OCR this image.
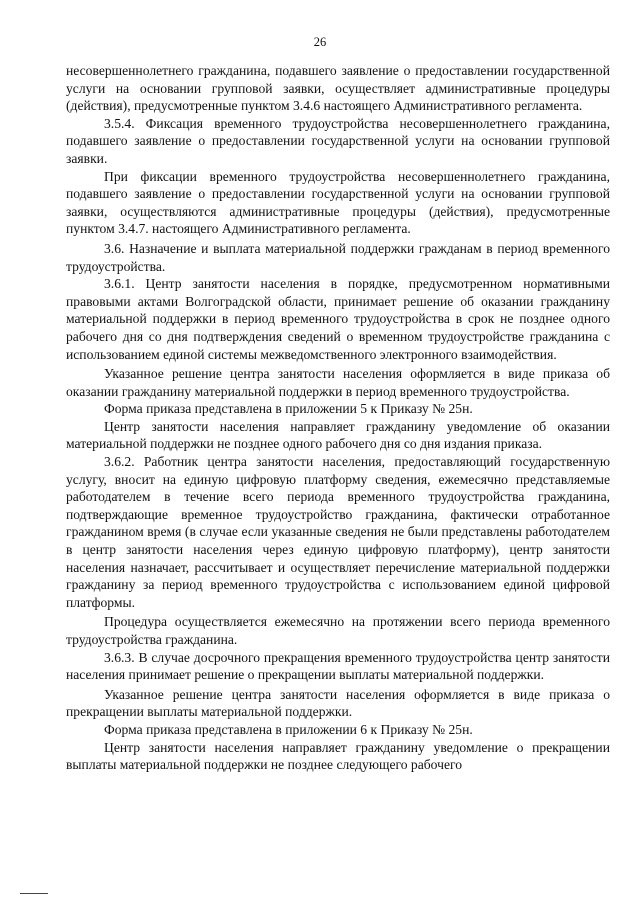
26

несовершеннолетнего гражданина, подавшего заявление о предоставлении государственной услуги на основании групповой заявки, осуществляет административные процедуры (действия), предусмотренные пунктом 3.4.6 настоящего Административного регламента.

3.5.4. Фиксация временного трудоустройства несовершеннолетнего гражданина, подавшего заявление о предоставлении государственной услуги на основании групповой заявки.

При фиксации временного трудоустройства несовершеннолетнего гражданина, подавшего заявление о предоставлении государственной услуги на основании групповой заявки, осуществляются административные процедуры (действия), предусмотренные пунктом 3.4.7. настоящего Административного регламента.

3.6. Назначение и выплата материальной поддержки гражданам в период временного трудоустройства.

3.6.1. Центр занятости населения в порядке, предусмотренном нормативными правовыми актами Волгоградской области, принимает решение об оказании гражданину материальной поддержки в период временного трудоустройства в срок не позднее одного рабочего дня со дня подтверждения сведений о временном трудоустройстве гражданина с использованием единой системы межведомственного электронного взаимодействия.

Указанное решение центра занятости населения оформляется в виде приказа об оказании гражданину материальной поддержки в период временного трудоустройства.

Форма приказа представлена в приложении 5 к Приказу № 25н.

Центр занятости населения направляет гражданину уведомление об оказании материальной поддержки не позднее одного рабочего дня со дня издания приказа.

3.6.2. Работник центра занятости населения, предоставляющий государственную услугу, вносит на единую цифровую платформу сведения, ежемесячно представляемые работодателем в течение всего периода временного трудоустройства гражданина, подтверждающие временное трудоустройство гражданина, фактически отработанное гражданином время (в случае если указанные сведения не были представлены работодателем в центр занятости населения через единую цифровую платформу), центр занятости населения назначает, рассчитывает и осуществляет перечисление материальной поддержки гражданину за период временного трудоустройства с использованием единой цифровой платформы.

Процедура осуществляется ежемесячно на протяжении всего периода временного трудоустройства гражданина.

3.6.3. В случае досрочного прекращения временного трудоустройства центр занятости населения принимает решение о прекращении выплаты материальной поддержки.

Указанное решение центра занятости населения оформляется в виде приказа о прекращении выплаты материальной поддержки.

Форма приказа представлена в приложении 6 к Приказу № 25н.

Центр занятости населения направляет гражданину уведомление о прекращении выплаты материальной поддержки не позднее следующего рабочего
